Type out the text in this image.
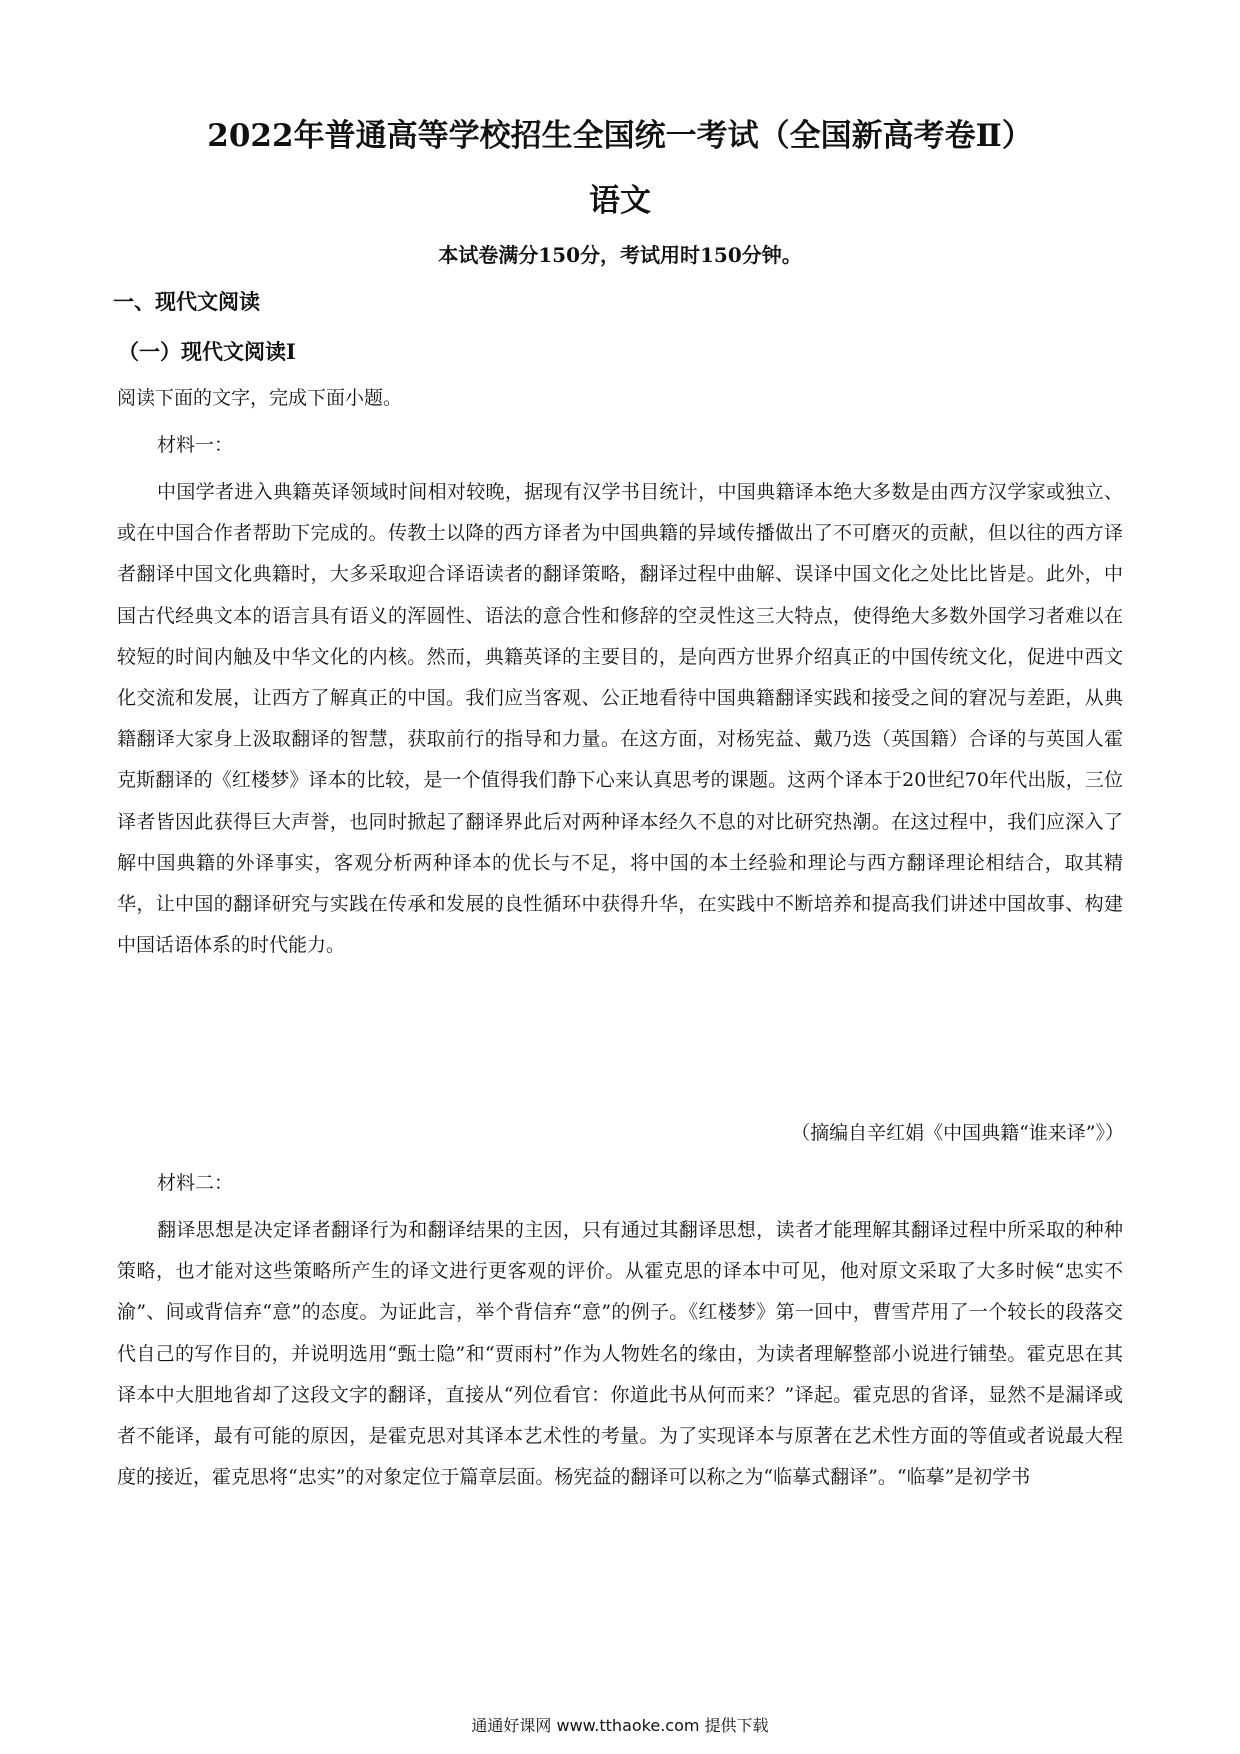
2022年普通高等学校招生全国统一考试（全国新高考卷Ⅱ）
语文
本试卷满分150分，考试用时150分钟。
一、现代文阅读
（一）现代文阅读Ⅰ
阅读下面的文字，完成下面小题。
材料一：

中国学者进入典籍英译领域时间相对较晚，据现有汉学书目统计，中国典籍译本绝大多数是由西方汉学家或独立、或在中国合作者帮助下完成的。传教士以降的西方译者为中国典籍的异域传播做出了不可磨灭的贡献，但以往的西方译者翻译中国文化典籍时，大多采取迎合译语读者的翻译策略，翻译过程中曲解、误译中国文化之处比比皆是。此外，中国古代经典文本的语言具有语义的浑圆性、语法的意合性和修辞的空灵性这三大特点，使得绝大多数外国学习者难以在较短的时间内触及中华文化的内核。然而，典籍英译的主要目的，是向西方世界介绍真正的中国传统文化，促进中西文化交流和发展，让西方了解真正的中国。我们应当客观、公正地看待中国典籍翻译实践和接受之间的窘况与差距，从典籍翻译大家身上汲取翻译的智慧，获取前行的指导和力量。在这方面，对杨宪益、戴乃迭（英国籍）合译的与英国人霍克斯翻译的《红楼梦》译本的比较，是一个值得我们静下心来认真思考的课题。这两个译本于20世纪70年代出版，三位译者皆因此获得巨大声誉，也同时掀起了翻译界此后对两种译本经久不息的对比研究热潮。在这过程中，我们应深入了解中国典籍的外译事实，客观分析两种译本的优长与不足，将中国的本土经验和理论与西方翻译理论相结合，取其精华，让中国的翻译研究与实践在传承和发展的良性循环中获得升华，在实践中不断培养和提高我们讲述中国故事、构建中国话语体系的时代能力。

（摘编自辛红娟《中国典籍“谁来译”》）
材料二：

翻译思想是决定译者翻译行为和翻译结果的主因，只有通过其翻译思想，读者才能理解其翻译过程中所采取的种种策略，也才能对这些策略所产生的译文进行更客观的评价。从霍克思的译本中可见，他对原文采取了大多时候“忠实不渝”、间或背信弃“意”的态度。为证此言，举个背信弃“意”的例子。《红楼梦》第一回中，曹雪芹用了一个较长的段落交代自己的写作目的，并说明选用“甄士隐”和“贾雨村”作为人物姓名的缘由，为读者理解整部小说进行铺垫。霍克思在其译本中大胆地省却了这段文字的翻译，直接从“列位看官：你道此书从何而来？”译起。霍克思的省译，显然不是漏译或者不能译，最有可能的原因，是霍克思对其译本艺术性的考量。为了实现译本与原著在艺术性方面的等值或者说最大程度的接近，霍克思将“忠实”的对象定位于篇章层面。杨宪益的翻译可以称之为“临摹式翻译”。“临摹”是初学书

通通好课网 www.tthaoke.com 提供下载
